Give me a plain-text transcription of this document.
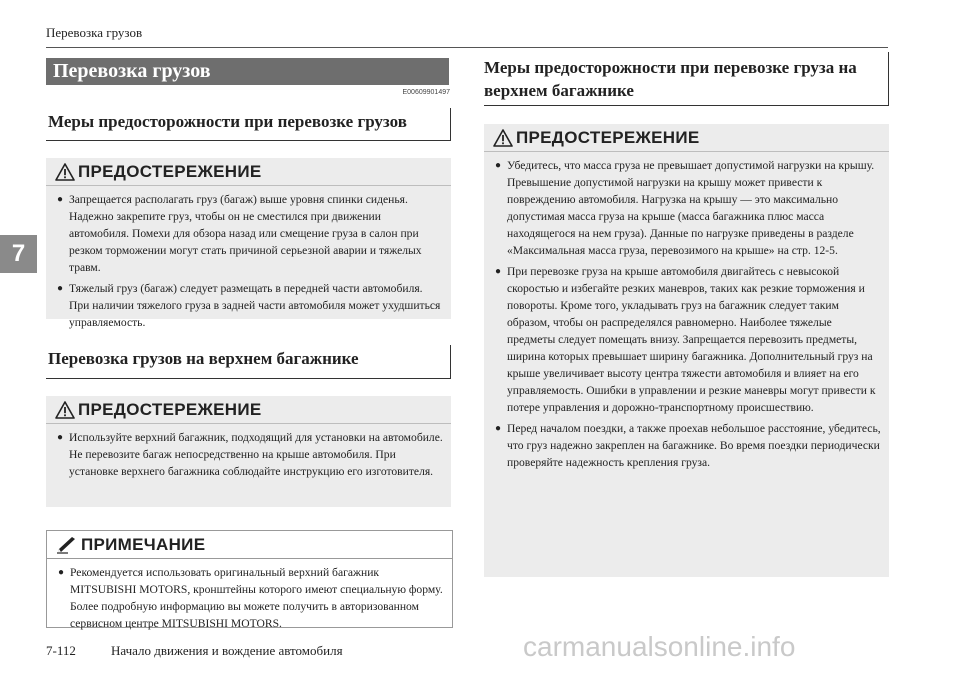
Перевозка грузов
7
Перевозка грузов
E00609901497
Меры предосторожности при перевозке грузов
ПРЕДОСТЕРЕЖЕНИЕ
● Запрещается располагать груз (багаж) выше уровня спинки сиденья. Надежно закрепите груз, чтобы он не сместился при движении автомобиля. Помехи для обзора назад или смещение груза в салон при резком торможении могут стать причиной серьезной аварии и тяжелых травм.
● Тяжелый груз (багаж) следует размещать в передней части автомобиля. При наличии тяжелого груза в задней части автомобиля может ухудшиться управляемость.
Перевозка грузов на верхнем багажнике
ПРЕДОСТЕРЕЖЕНИЕ
● Используйте верхний багажник, подходящий для установки на автомобиле. Не перевозите багаж непосредственно на крыше автомобиля. При установке верхнего багажника соблюдайте инструкцию его изготовителя.
ПРИМЕЧАНИЕ
● Рекомендуется использовать оригинальный верхний багажник MITSUBISHI MOTORS, кронштейны которого имеют специальную форму. Более подробную информацию вы можете получить в авторизованном сервисном центре MITSUBISHI MOTORS.
Меры предосторожности при перевозке груза на верхнем багажнике
ПРЕДОСТЕРЕЖЕНИЕ
● Убедитесь, что масса груза не превышает допустимой нагрузки на крышу. Превышение допустимой нагрузки на крышу может привести к повреждению автомобиля. Нагрузка на крышу — это максимально допустимая масса груза на крыше (масса багажника плюс масса находящегося на нем груза). Данные по нагрузке приведены в разделе «Максимальная масса груза, перевозимого на крыше» на стр. 12-5.
● При перевозке груза на крыше автомобиля двигайтесь с невысокой скоростью и избегайте резких маневров, таких как резкие торможения и повороты. Кроме того, укладывать груз на багажник следует таким образом, чтобы он распределялся равномерно. Наиболее тяжелые предметы следует помещать внизу. Запрещается перевозить предметы, ширина которых превышает ширину багажника. Дополнительный груз на крыше увеличивает высоту центра тяжести автомобиля и влияет на его управляемость. Ошибки в управлении и резкие маневры могут привести к потере управления и дорожно-транспортному происшествию.
● Перед началом поездки, а также проехав небольшое расстояние, убедитесь, что груз надежно закреплен на багажнике. Во время поездки периодически проверяйте надежность крепления груза.
7-112	Начало движения и вождение автомобиля	carmanualsonline.info
